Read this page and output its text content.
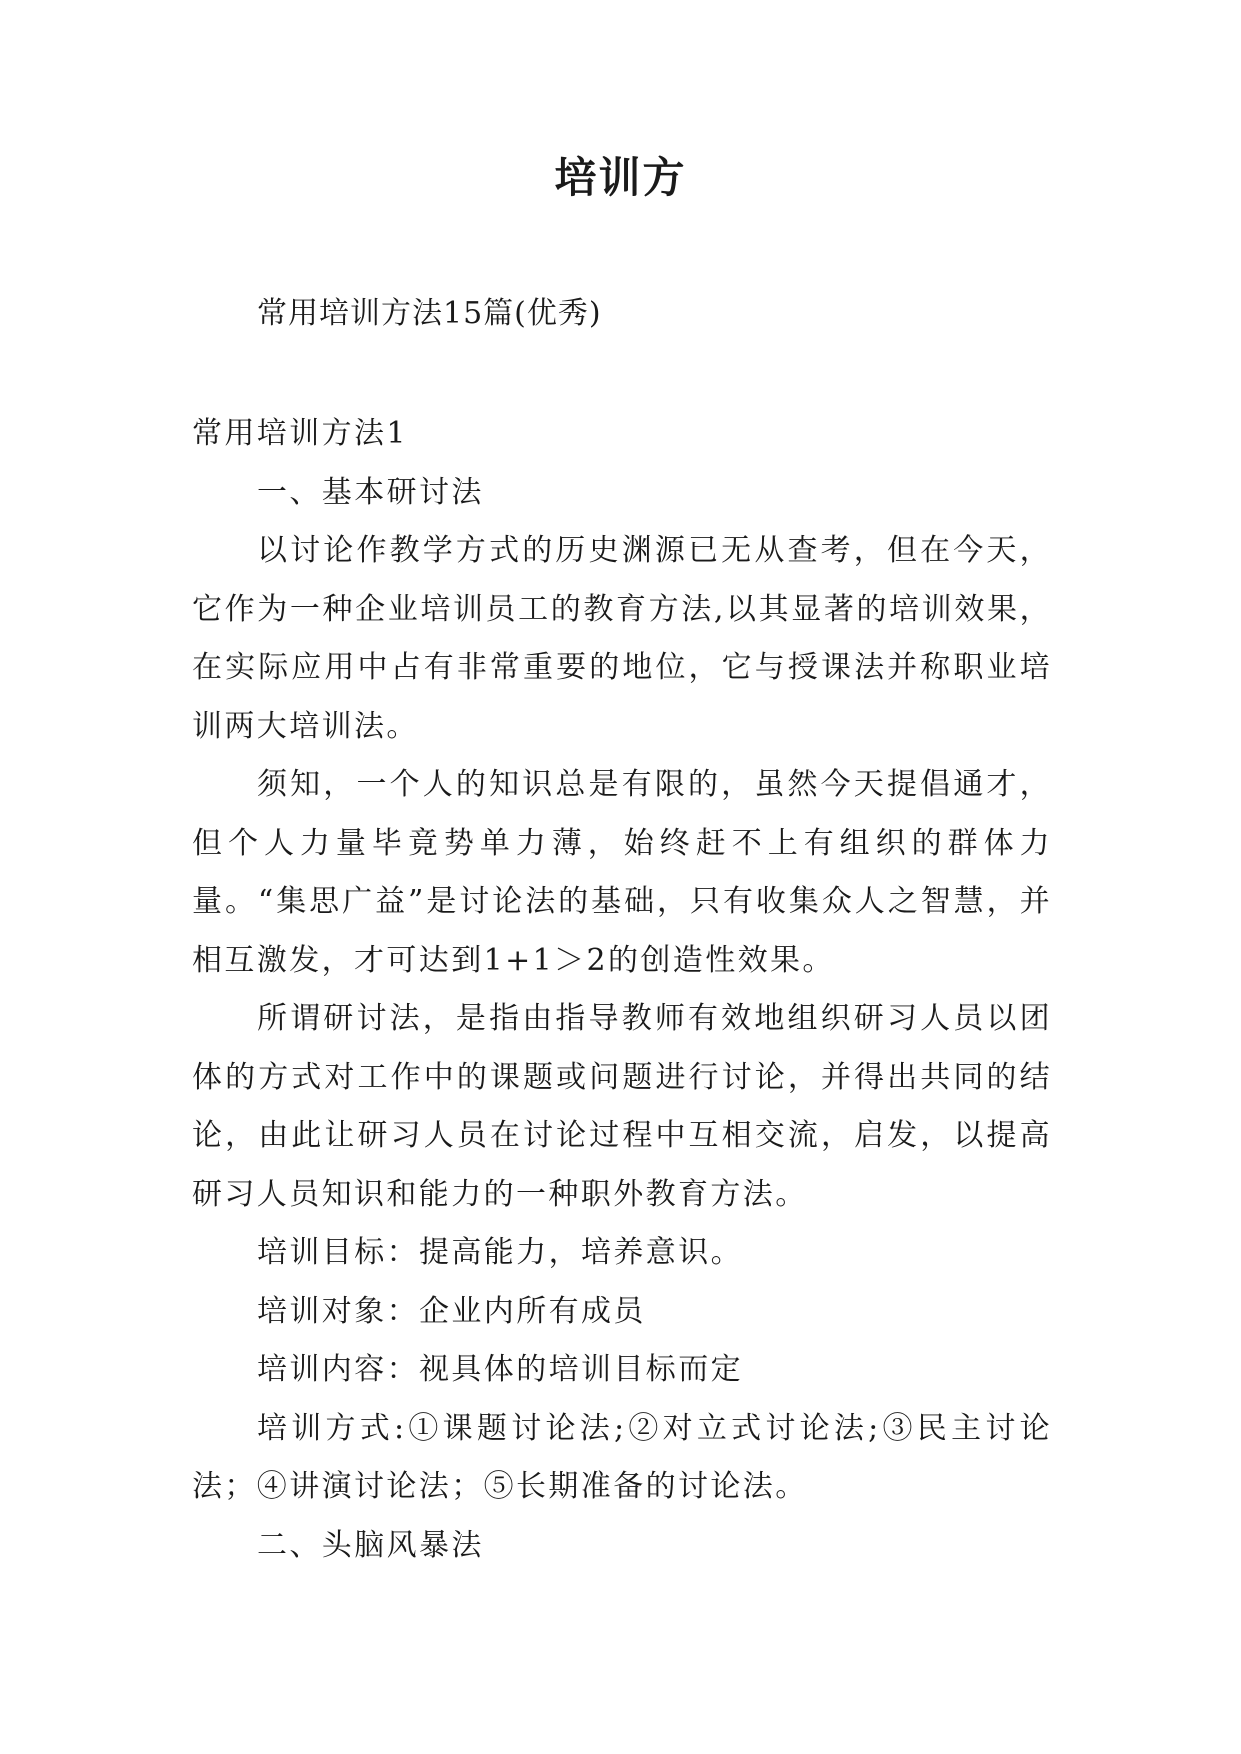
培训方
常用培训方法15篇(优秀)

常用培训方法1

一、基本研讨法

以讨论作教学方式的历史渊源已无从查考，但在今天，它作为一种企业培训员工的教育方法,以其显著的培训效果，在实际应用中占有非常重要的地位，它与授课法并称职业培训两大培训法。

须知，一个人的知识总是有限的，虽然今天提倡通才，但个人力量毕竟势单力薄，始终赶不上有组织的群体力量。“集思广益”是讨论法的基础，只有收集众人之智慧，并相互激发，才可达到1+1＞2的创造性效果。

所谓研讨法，是指由指导教师有效地组织研习人员以团体的方式对工作中的课题或问题进行讨论，并得出共同的结论，由此让研习人员在讨论过程中互相交流，启发，以提高研习人员知识和能力的一种职外教育方法。

培训目标：提高能力，培养意识。

培训对象：企业内所有成员

培训内容：视具体的培训目标而定

培训方式:①课题讨论法;②对立式讨论法;③民主讨论法；④讲演讨论法；⑤长期准备的讨论法。

二、头脑风暴法
